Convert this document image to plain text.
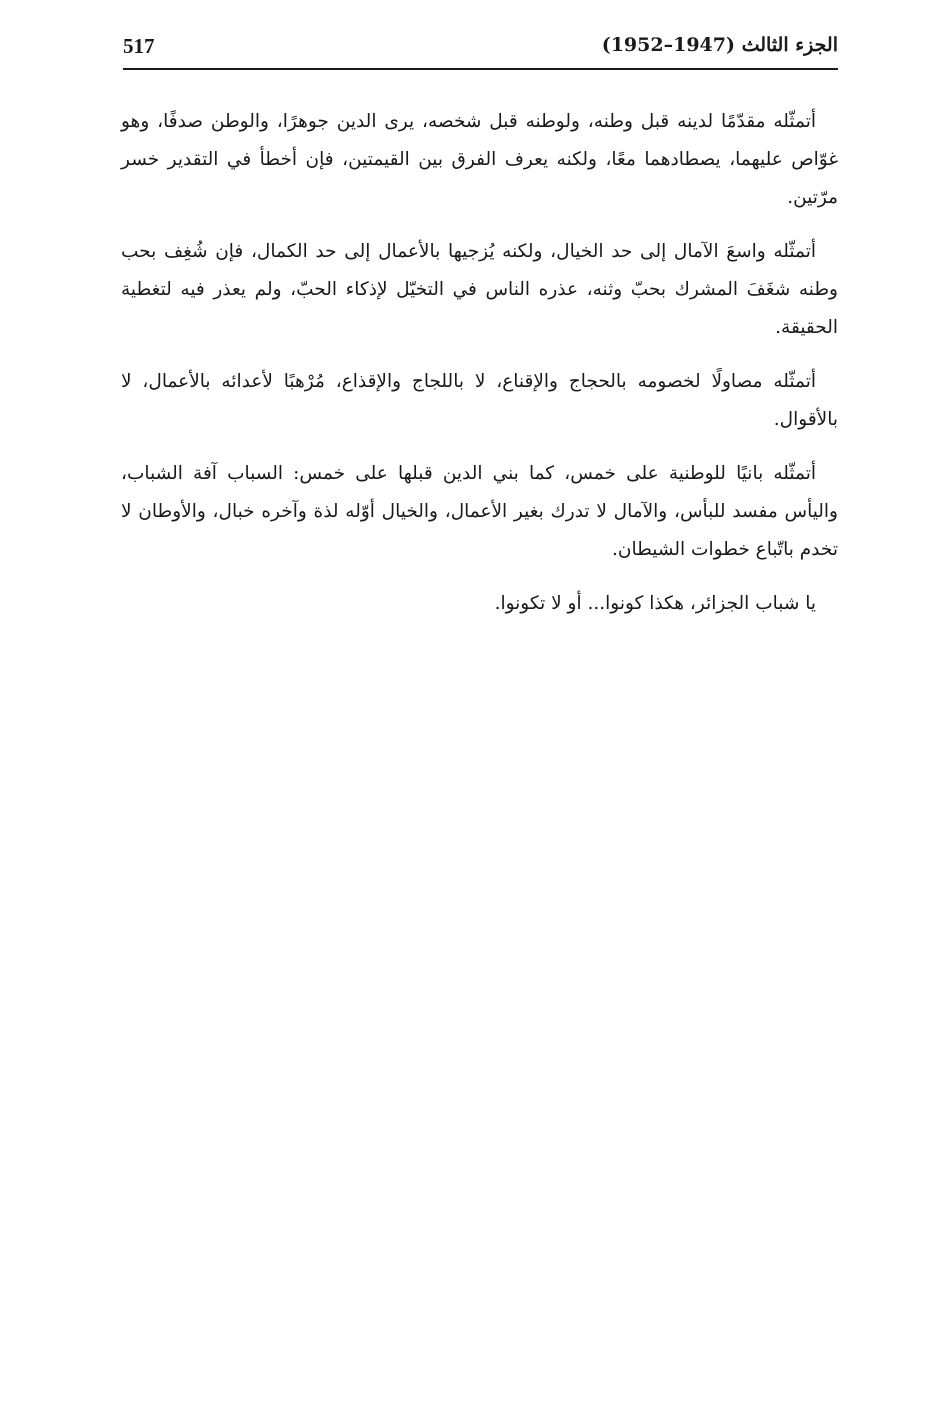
517	الجزء الثالث (1947–1952)

أتمثّله مقدّمًا لدينه قبل وطنه، ولوطنه قبل شخصه، يرى الدين جوهرًا، والوطن صدفًا، وهو غوّاص عليهما، يصطادهما معًا، ولكنه يعرف الفرق بين القيمتين، فإن أخطأ في التقدير خسر مرّتين.

أتمثّله واسعَ الآمال إلى حد الخيال، ولكنه يُزجيها بالأعمال إلى حد الكمال، فإن شُغِف بحب وطنه شغَفَ المشرك بحبّ وثنه، عذره الناس في التخيّل لإذكاء الحبّ، ولم يعذر فيه لتغطية الحقيقة.

أتمثّله مصاولًا لخصومه بالحجاج والإقناع، لا باللجاج والإقذاع، مُرْهبًا لأعدائه بالأعمال، لا بالأقوال.

أتمثّله بانيًا للوطنية على خمس، كما بني الدين قبلها على خمس: السباب آفة الشباب، واليأس مفسد للبأس، والآمال لا تدرك بغير الأعمال، والخيال أوّله لذة وآخره خبال، والأوطان لا تخدم باتّباع خطوات الشيطان.

يا شباب الجزائر، هكذا كونوا... أو لا تكونوا.
